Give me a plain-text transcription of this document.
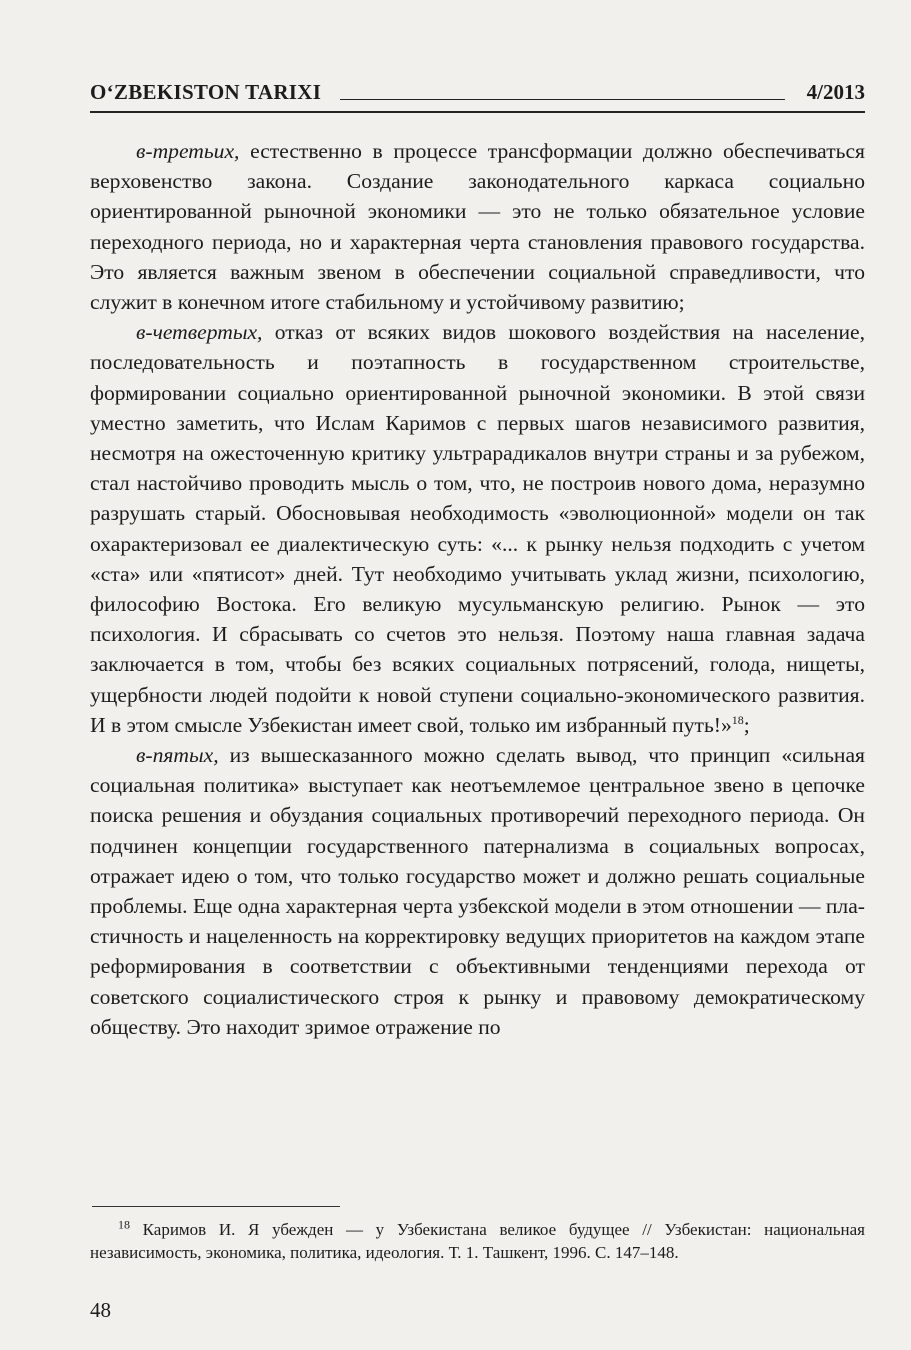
O‘ZBEKISTON TARIXI	4/2013

в-третьих, естественно в процессе трансформации должно обеспечиваться верховенство закона. Создание законодательного каркаса социально ориентированной рыночной экономики — это не только обязательное условие переходного периода, но и характерная черта становления правового государства. Это является важным звеном в обеспечении социальной справедливости, что служит в конечном итоге стабильному и устойчивому развитию;

в-четвертых, отказ от всяких видов шокового воздействия на население, последовательность и поэтапность в государственном строительстве, формировании социально ориентированной рыночной экономики. В этой связи уместно заметить, что Ислам Каримов с первых шагов независимого развития, несмотря на ожесточенную критику ультрарадикалов внутри страны и за рубежом, стал настойчиво проводить мысль о том, что, не построив нового дома, неразумно разрушать старый. Обосновывая необходимость «эволюционной» модели он так охарактеризовал ее диалектическую суть: «... к рынку нельзя подходить с учетом «ста» или «пятисот» дней. Тут необходимо учитывать уклад жизни, психологию, философию Востока. Его великую мусульманскую религию. Рынок — это психология. И сбрасывать со счетов это нельзя. Поэтому наша главная задача заключается в том, чтобы без всяких социальных потрясений, голода, нищеты, ущербности людей подойти к новой ступени социально-экономического развития. И в этом смысле Узбекистан имеет свой, только им избранный путь!»$^{18}$;

в-пятых, из вышесказанного можно сделать вывод, что принцип «сильная социальная политика» выступает как неотъемлемое центральное звено в цепочке поиска решения и обуздания социальных противоречий переходного периода. Он подчинен концепции государственного патернализма в социальных вопросах, отражает идею о том, что только государство может и должно решать социальные проблемы. Еще одна характерная черта узбекской модели в этом отношении — пластичность и нацеленность на корректировку ведущих приоритетов на каждом этапе реформирования в соответствии с объективными тенденциями перехода от советского социалистического строя к рынку и правовому демократическому обществу. Это находит зримое отражение по

$^{18}$ Каримов И. Я убежден — у Узбекистана великое будущее // Узбекистан: национальная независимость, экономика, политика, идеология. Т. 1. Ташкент, 1996. С. 147–148.
48
